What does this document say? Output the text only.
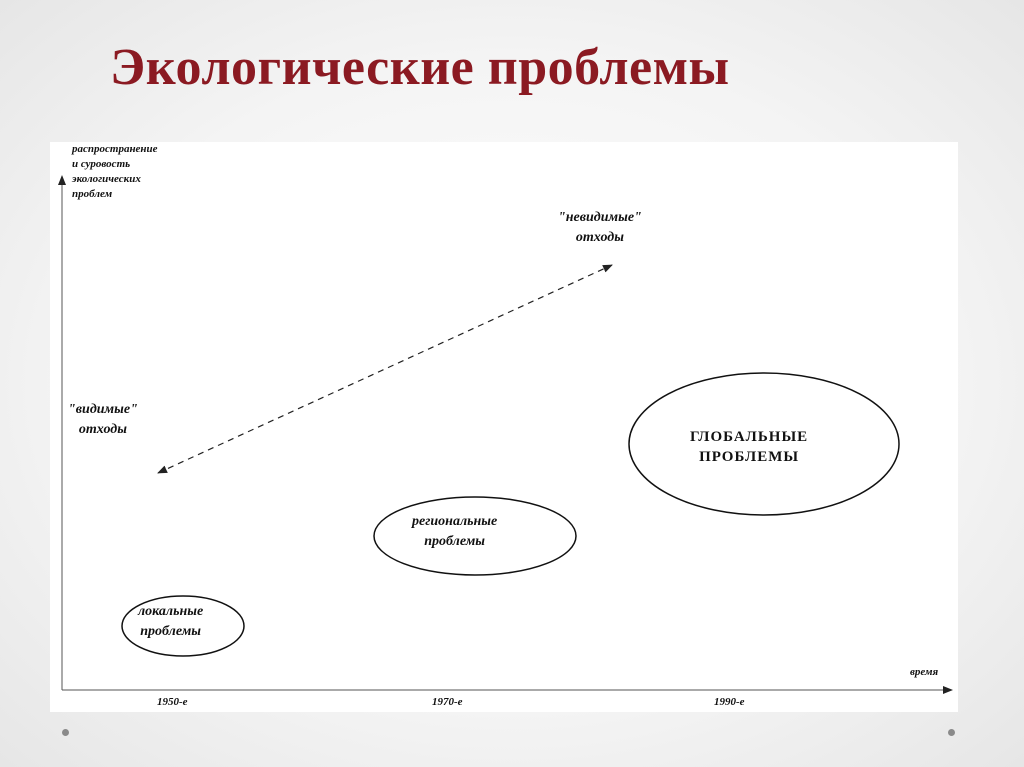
Экологические проблемы
распространение
и суровость
экологических
проблем
время
1950-е	1970-е	1990-е
"видимые"
отходы
"невидимые"
отходы
локальные
проблемы
региональные
проблемы
ГЛОБАЛЬНЫЕ
ПРОБЛЕМЫ
